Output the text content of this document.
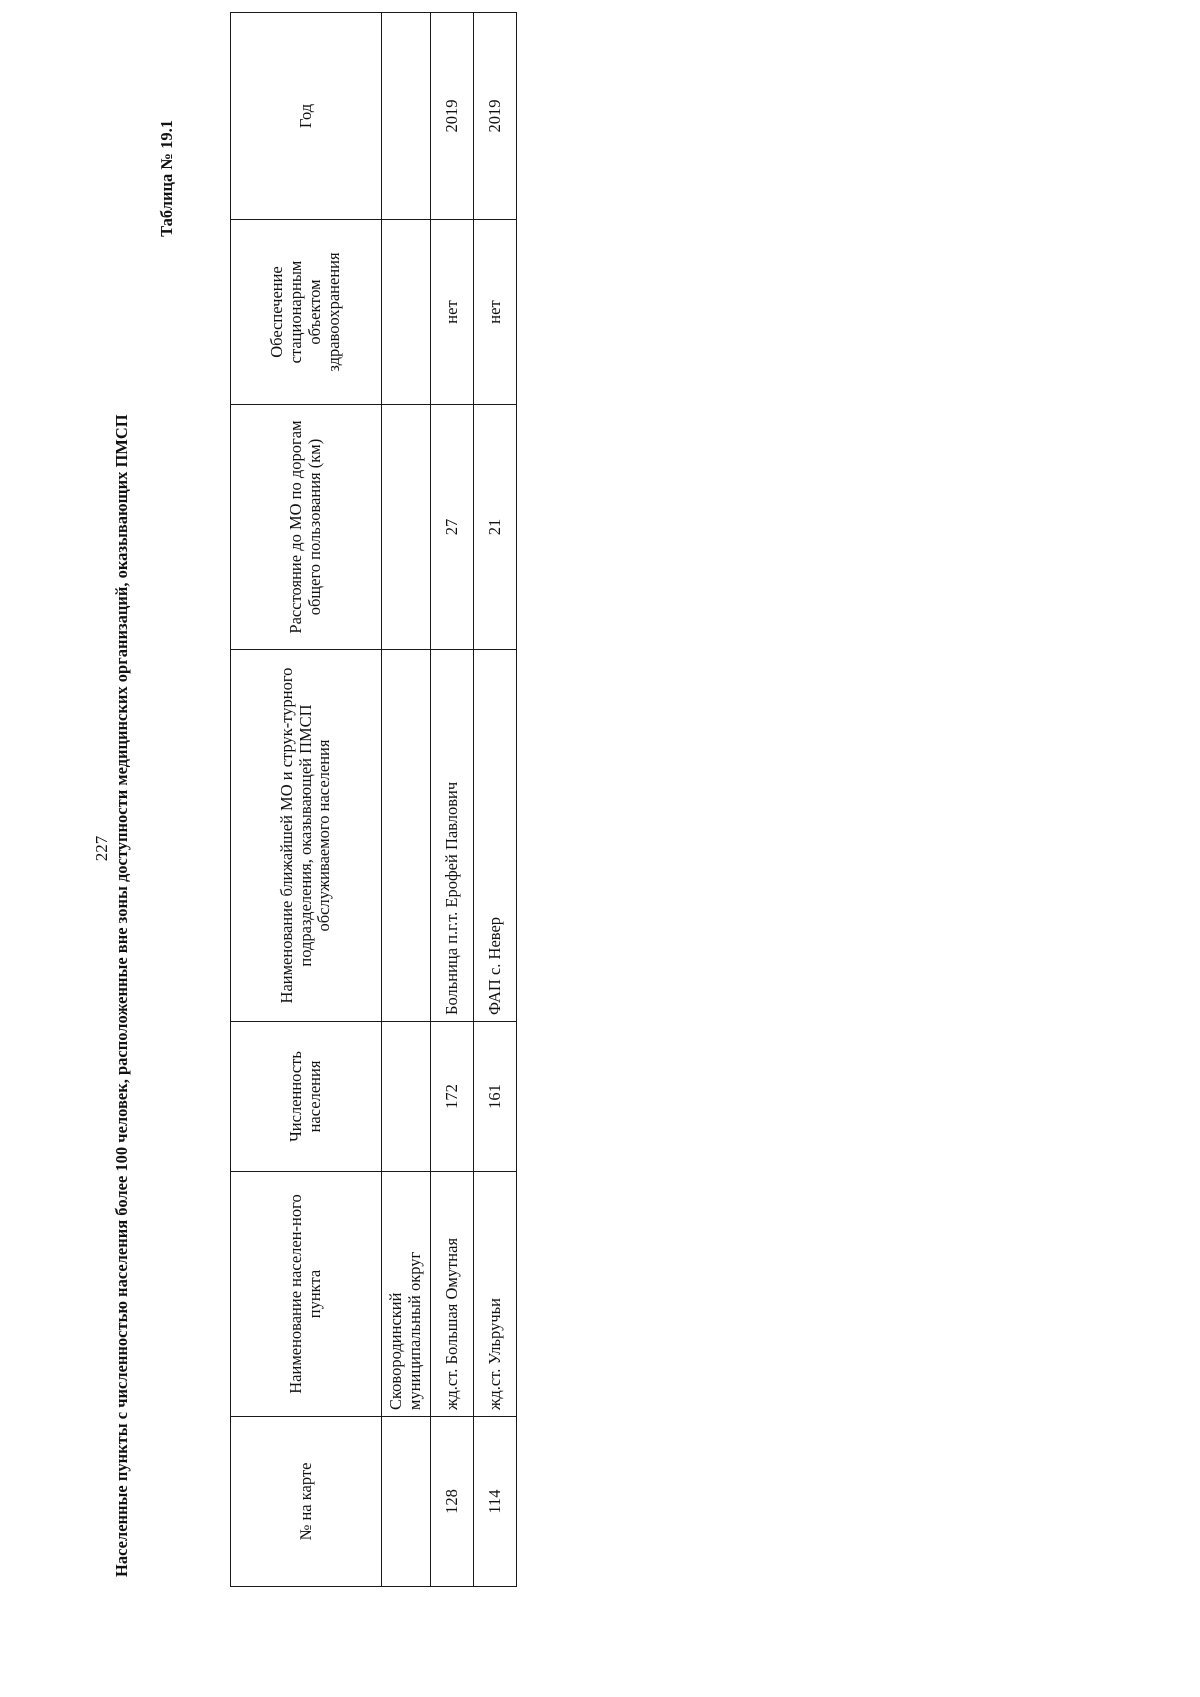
227 Населенные пункты с численностью населения более 100 человек, расположенные вне зоны доступности медицинских организаций, оказывающих ПМСП
Таблица № 19.1
№ на карте	Наименование населен-ного пункта	Численность населения	Наименование ближайшей МО и струк-турного подразделения, оказывающей ПМСП обслуживаемого населения	Расстояние до МО по дорогам общего пользования (км)	Обеспечение стационарным объектом здравоохранения	Год
	Сковородинский муниципальный округ					
128	жд.ст. Большая Омутная	172	Больница п.г.т. Ерофей Павлович	27	нет	2019
114	жд.ст. Ульручьи	161	ФАП с. Невер	21	нет	2019
